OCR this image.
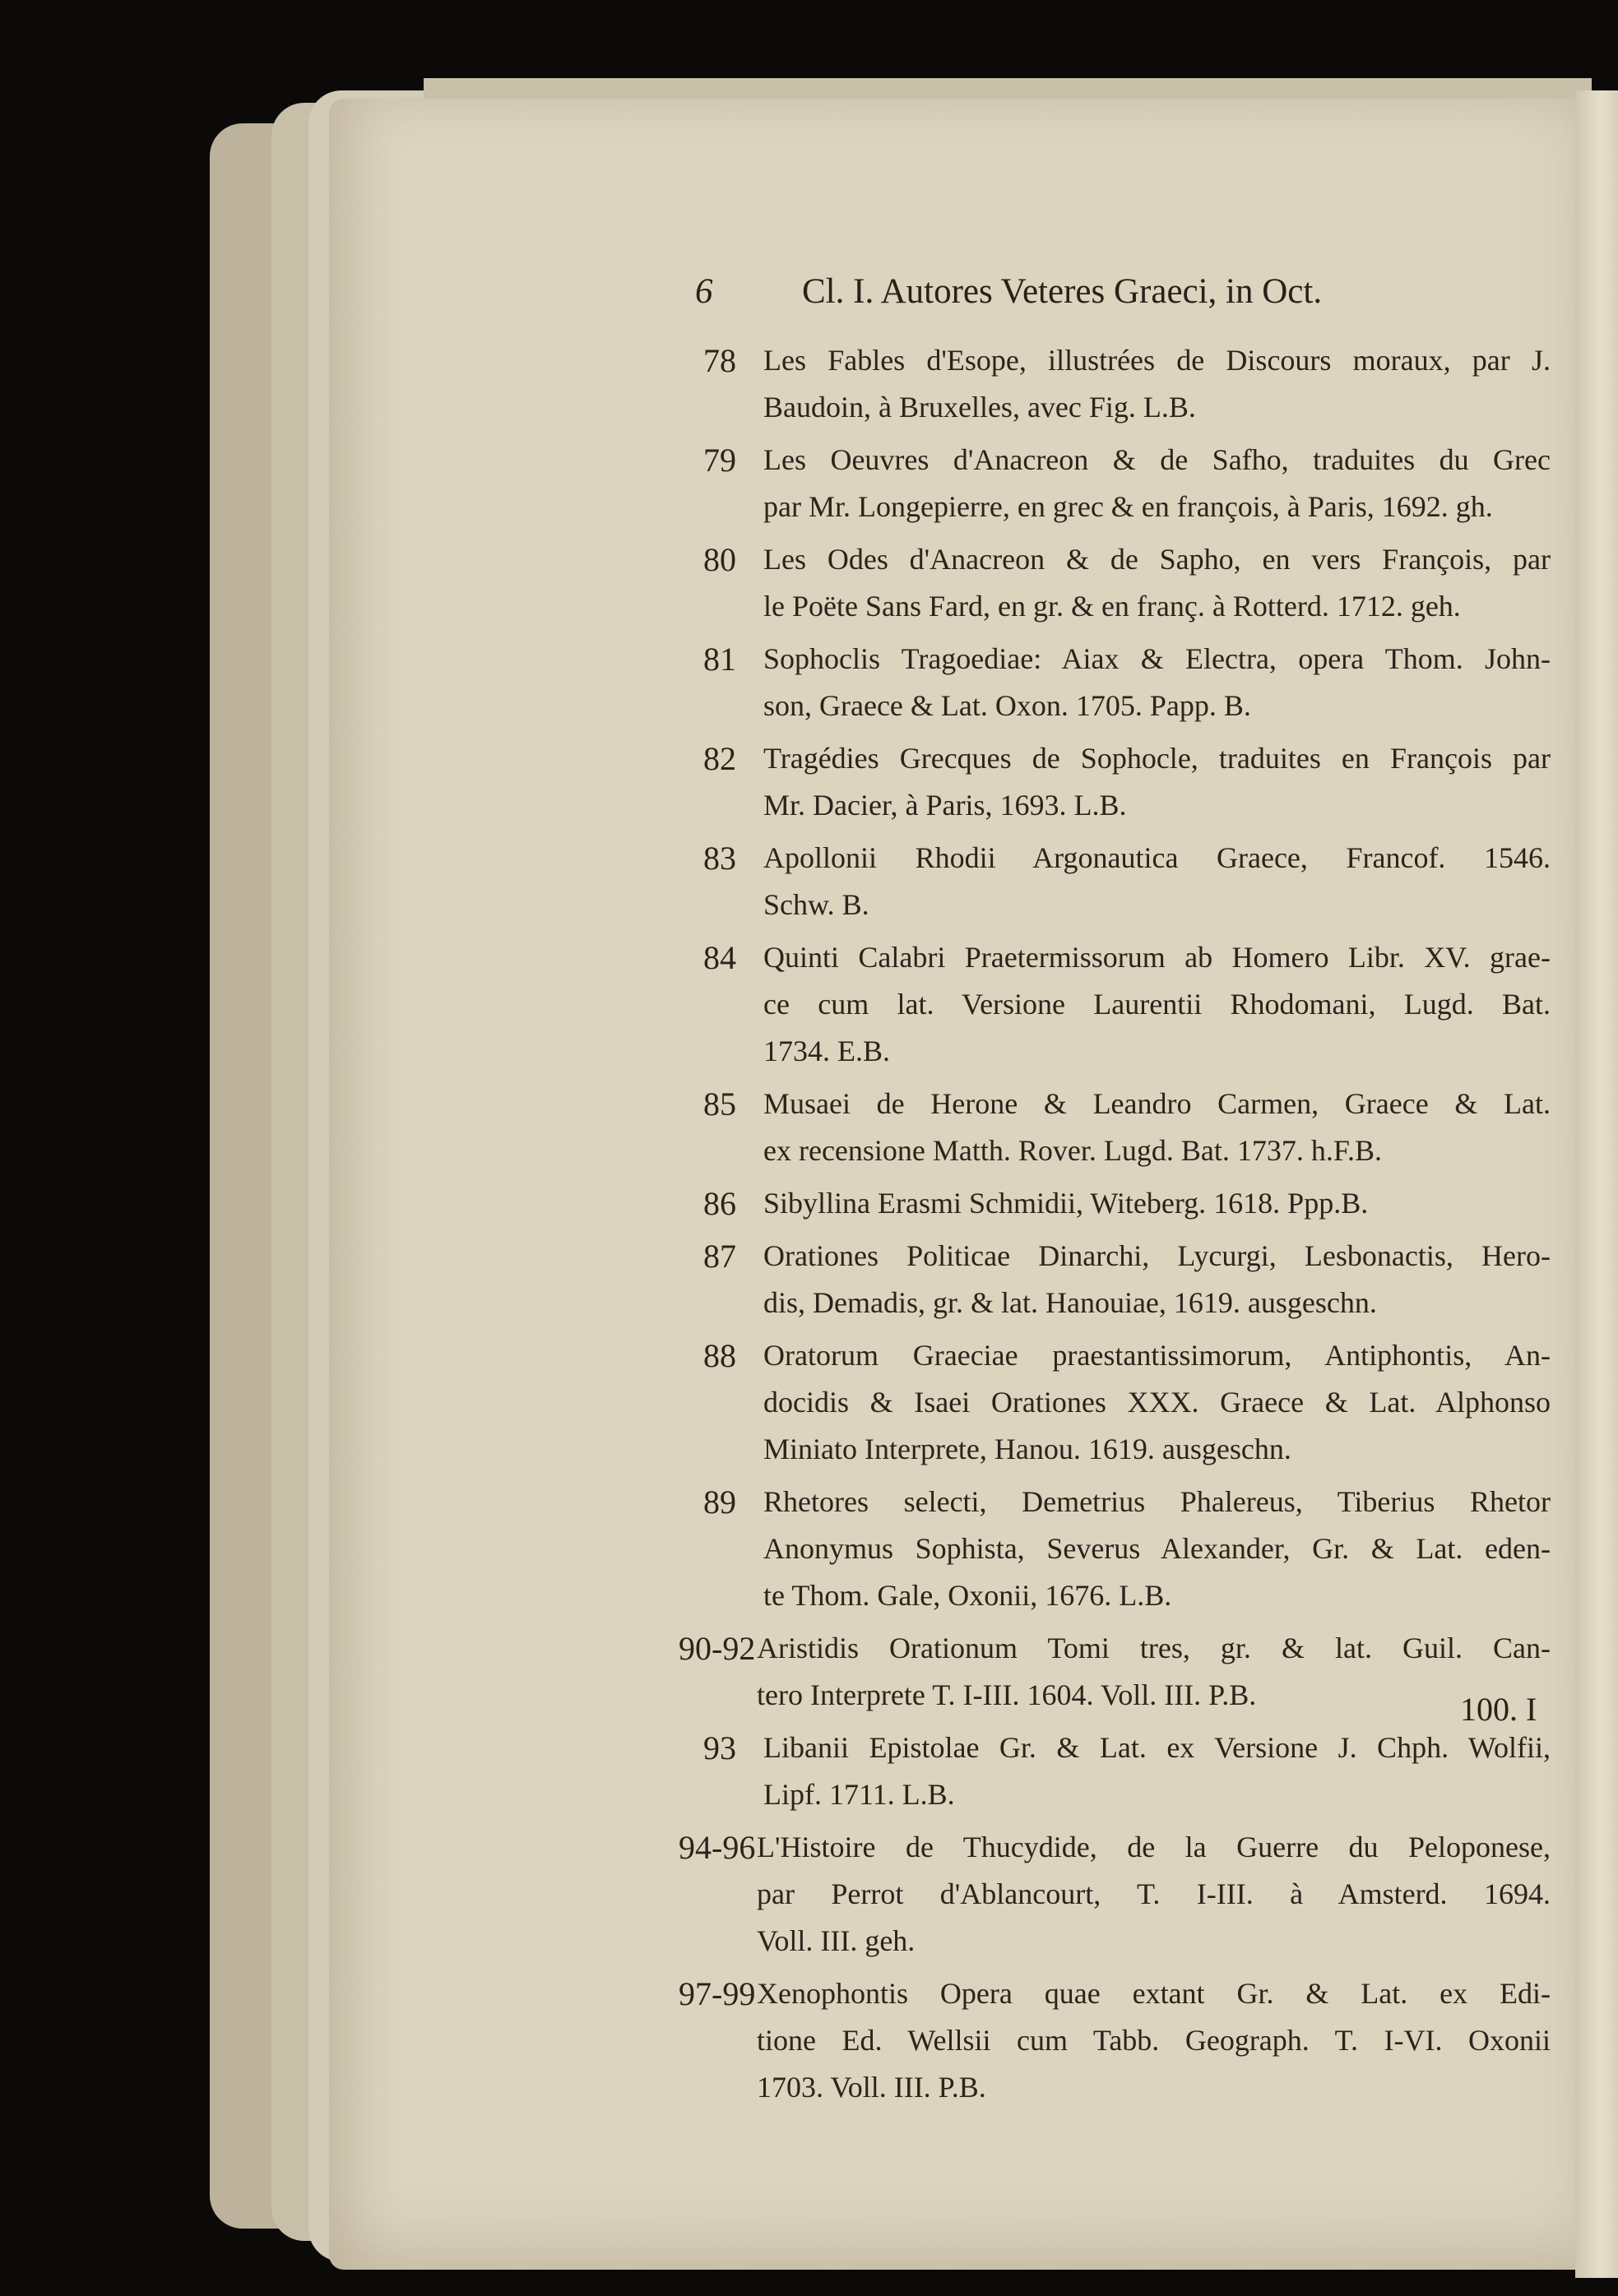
6	Cl. I. Autores Veteres Graeci, in Oct.
78 Les Fables d'Esope, illustrées de Discours moraux, par J.
Baudoin, à Bruxelles, avec Fig. L.B.
79 Les Oeuvres d'Anacreon & de Safho, traduites du Grec
par Mr. Longepierre, en grec & en françois, à Paris, 1692. gh.
80 Les Odes d'Anacreon & de Sapho, en vers François, par
le Poëte Sans Fard, en gr. & en franç. à Rotterd. 1712. geh.
81 Sophoclis Tragoediae: Aiax & Electra, opera Thom. John-
son, Graece & Lat. Oxon. 1705. Papp. B.
82 Tragédies Grecques de Sophocle, traduites en François par
Mr. Dacier, à Paris, 1693. L.B.
83 Apollonii Rhodii Argonautica Graece, Francof. 1546.
Schw. B.
84 Quinti Calabri Praetermissorum ab Homero Libr. XV. grae-
ce cum lat. Versione Laurentii Rhodomani, Lugd. Bat.
1734. E.B.
85 Musaei de Herone & Leandro Carmen, Graece & Lat.
ex recensione Matth. Rover. Lugd. Bat. 1737. h.F.B.
86 Sibyllina Erasmi Schmidii, Witeberg. 1618. Ppp.B.
87 Orationes Politicae Dinarchi, Lycurgi, Lesbonactis, Hero-
dis, Demadis, gr. & lat. Hanouiae, 1619. ausgeschn.
88 Oratorum Graeciae praestantissimorum, Antiphontis, An-
docidis & Isaei Orationes XXX. Graece & Lat. Alphonso
Miniato Interprete, Hanou. 1619. ausgeschn.
89 Rhetores selecti, Demetrius Phalereus, Tiberius Rhetor
Anonymus Sophista, Severus Alexander, Gr. & Lat. eden-
te Thom. Gale, Oxonii, 1676. L.B.
90-92 Aristidis Orationum Tomi tres, gr. & lat. Guil. Can-
tero Interprete T. I-III. 1604. Voll. III. P.B.
93 Libanii Epistolae Gr. & Lat. ex Versione J. Chph. Wolfii,
Lipf. 1711. L.B.
94-96 L'Histoire de Thucydide, de la Guerre du Peloponese,
par Perrot d'Ablancourt, T. I-III. à Amsterd. 1694.
Voll. III. geh.
97-99 Xenophontis Opera quae extant Gr. & Lat. ex Edi-
tione Ed. Wellsii cum Tabb. Geograph. T. I-VI. Oxonii
1703. Voll. III. P.B.
100. I
